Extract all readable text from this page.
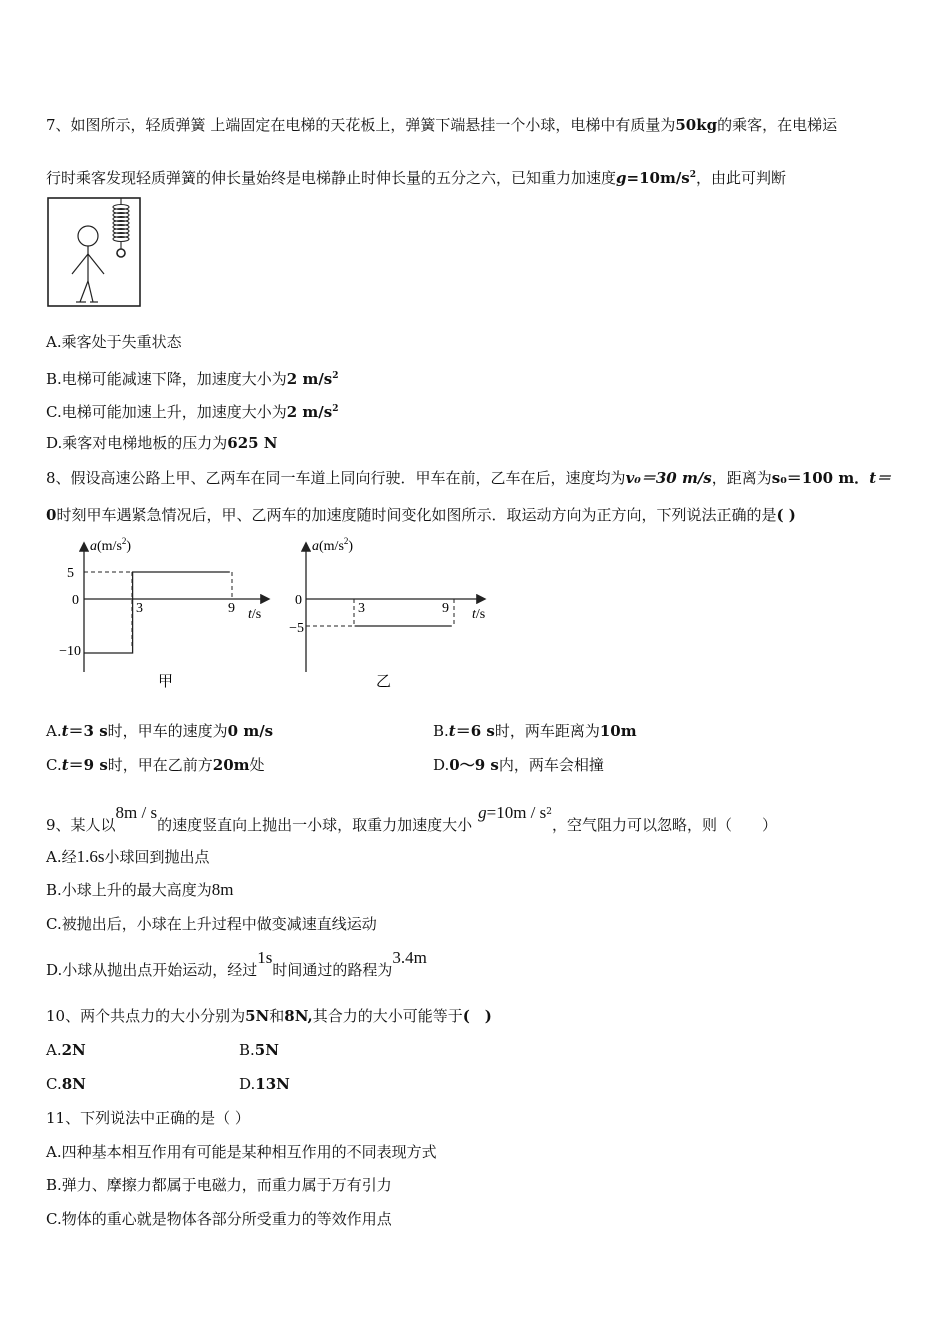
7、如图所示，轻质弹簧 上端固定在电梯的天花板上，弹簧下端悬挂一个小球，电梯中有质量为50kg的乘客，在电梯运
行时乘客发现轻质弹簧的伸长量始终是电梯静止时伸长量的五分之六，已知重力加速度$g=10m/s^2$，由此可判断
A.乘客处于失重状态
B.电梯可能减速下降，加速度大小为2 $m/s^2$
C.电梯可能加速上升，加速度大小为2 $m/s^2$
D.乘客对电梯地板的压力为625 N
8、假设高速公路上甲、乙两车在同一车道上同向行驶．甲车在前，乙车在后，速度均为v₀＝30 m/s，距离为s₀＝100 m．t＝
0时刻甲车遇紧急情况后，甲、乙两车的加速度随时间变化如图所示．取运动方向为正方向，下列说法正确的是( )
$a(m/s^2)$
t/s
5
0
−10
3	9
甲
$a(m/s^2)$
t/s
0
−5
3	9
乙
A.t＝3 s时，甲车的速度为0 m/s	B.t＝6 s时，两车距离为10m
C.t＝9 s时，甲在乙前方20m处	D.0～9 s内，两车会相撞
9、某人以8m / s的速度竖直向上抛出一小球，取重力加速度大小$g=10m / s^2$，空气阻力可以忽略，则（　　）
A.经1.6s小球回到抛出点
B.小球上升的最大高度为8m
C.被抛出后，小球在上升过程中做变减速直线运动
D.小球从抛出点开始运动，经过1s时间通过的路程为3.4m
10、两个共点力的大小分别为5N和8N,其合力的大小可能等于(　)
A.2N	B.5N
C.8N	D.13N
11、下列说法中正确的是（ ）
A.四种基本相互作用有可能是某种相互作用的不同表现方式
B.弹力、摩擦力都属于电磁力，而重力属于万有引力
C.物体的重心就是物体各部分所受重力的等效作用点
